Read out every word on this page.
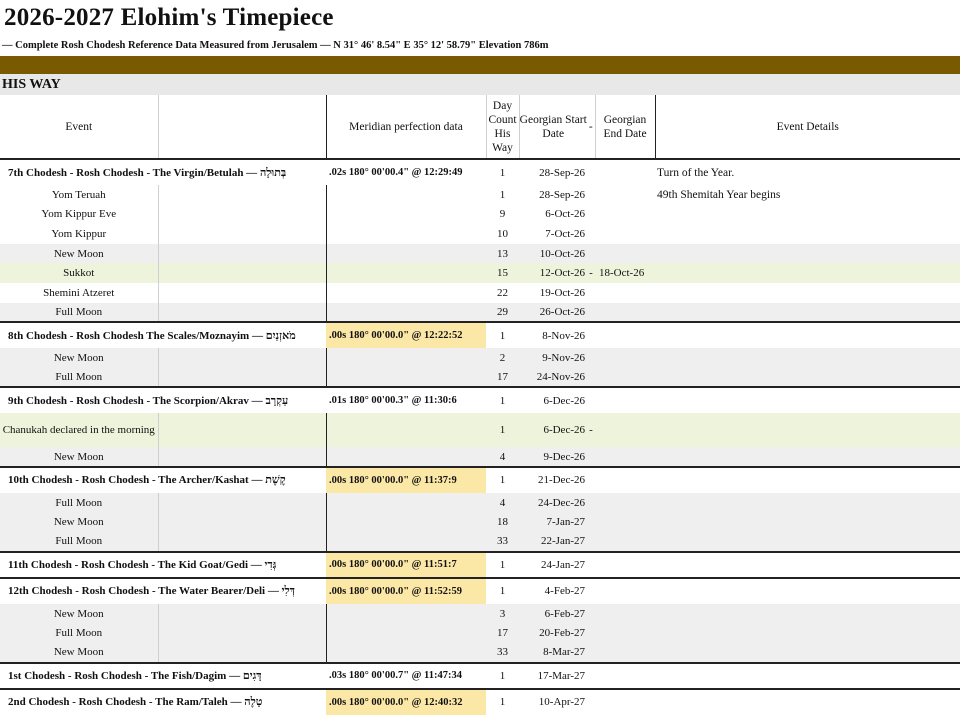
2026-2027 Elohim's Timepiece
— Complete Rosh Chodesh Reference Data Measured from Jerusalem — N 31° 46' 8.54" E 35° 12' 58.79" Elevation 786m
HIS WAY
Event		Meridian perfection data	Day Count His Way	Georgian Start Date	-	Georgian End Date	Event Details
7th Chodesh - Rosh Chodesh - The Virgin/Betulah — בְּתוּלָה		.02s 180° 00'00.4" @ 12:29:49	1	28-Sep-26			Turn of the Year.
Yom Teruah			1	28-Sep-26			49th Shemitah Year begins
Yom Kippur Eve			9	6-Oct-26			
Yom Kippur			10	7-Oct-26			
New Moon			13	10-Oct-26			
Sukkot			15	12-Oct-26	-	18-Oct-26	
Shemini Atzeret			22	19-Oct-26			
Full Moon			29	26-Oct-26			
8th Chodesh - Rosh Chodesh The Scales/Moznayim — מֹאזְנַיִם		.00s 180° 00'00.0" @ 12:22:52	1	8-Nov-26			
New Moon			2	9-Nov-26			
Full Moon			17	24-Nov-26			
9th Chodesh - Rosh Chodesh - The Scorpion/Akrav — עַקְרָב		.01s 180° 00'00.3" @ 11:30:6	1	6-Dec-26			
Chanukah declared in the morning			1	6-Dec-26	-		
New Moon			4	9-Dec-26			
10th Chodesh - Rosh Chodesh - The Archer/Kashat — קֶשֶׁת		.00s 180° 00'00.0" @ 11:37:9	1	21-Dec-26			
Full Moon			4	24-Dec-26			
New Moon			18	7-Jan-27			
Full Moon			33	22-Jan-27			
11th Chodesh - Rosh Chodesh - The Kid Goat/Gedi — גְּדִי		.00s 180° 00'00.0" @ 11:51:7	1	24-Jan-27			
12th Chodesh - Rosh Chodesh - The Water Bearer/Deli — דְּלִי		.00s 180° 00'00.0" @ 11:52:59	1	4-Feb-27			
New Moon			3	6-Feb-27			
Full Moon			17	20-Feb-27			
New Moon			33	8-Mar-27			
1st Chodesh - Rosh Chodesh - The Fish/Dagim — דָּגִים		.03s 180° 00'00.7" @ 11:47:34	1	17-Mar-27			
2nd Chodesh - Rosh Chodesh - The Ram/Taleh — טָלֶה		.00s 180° 00'00.0" @ 12:40:32	1	10-Apr-27			
